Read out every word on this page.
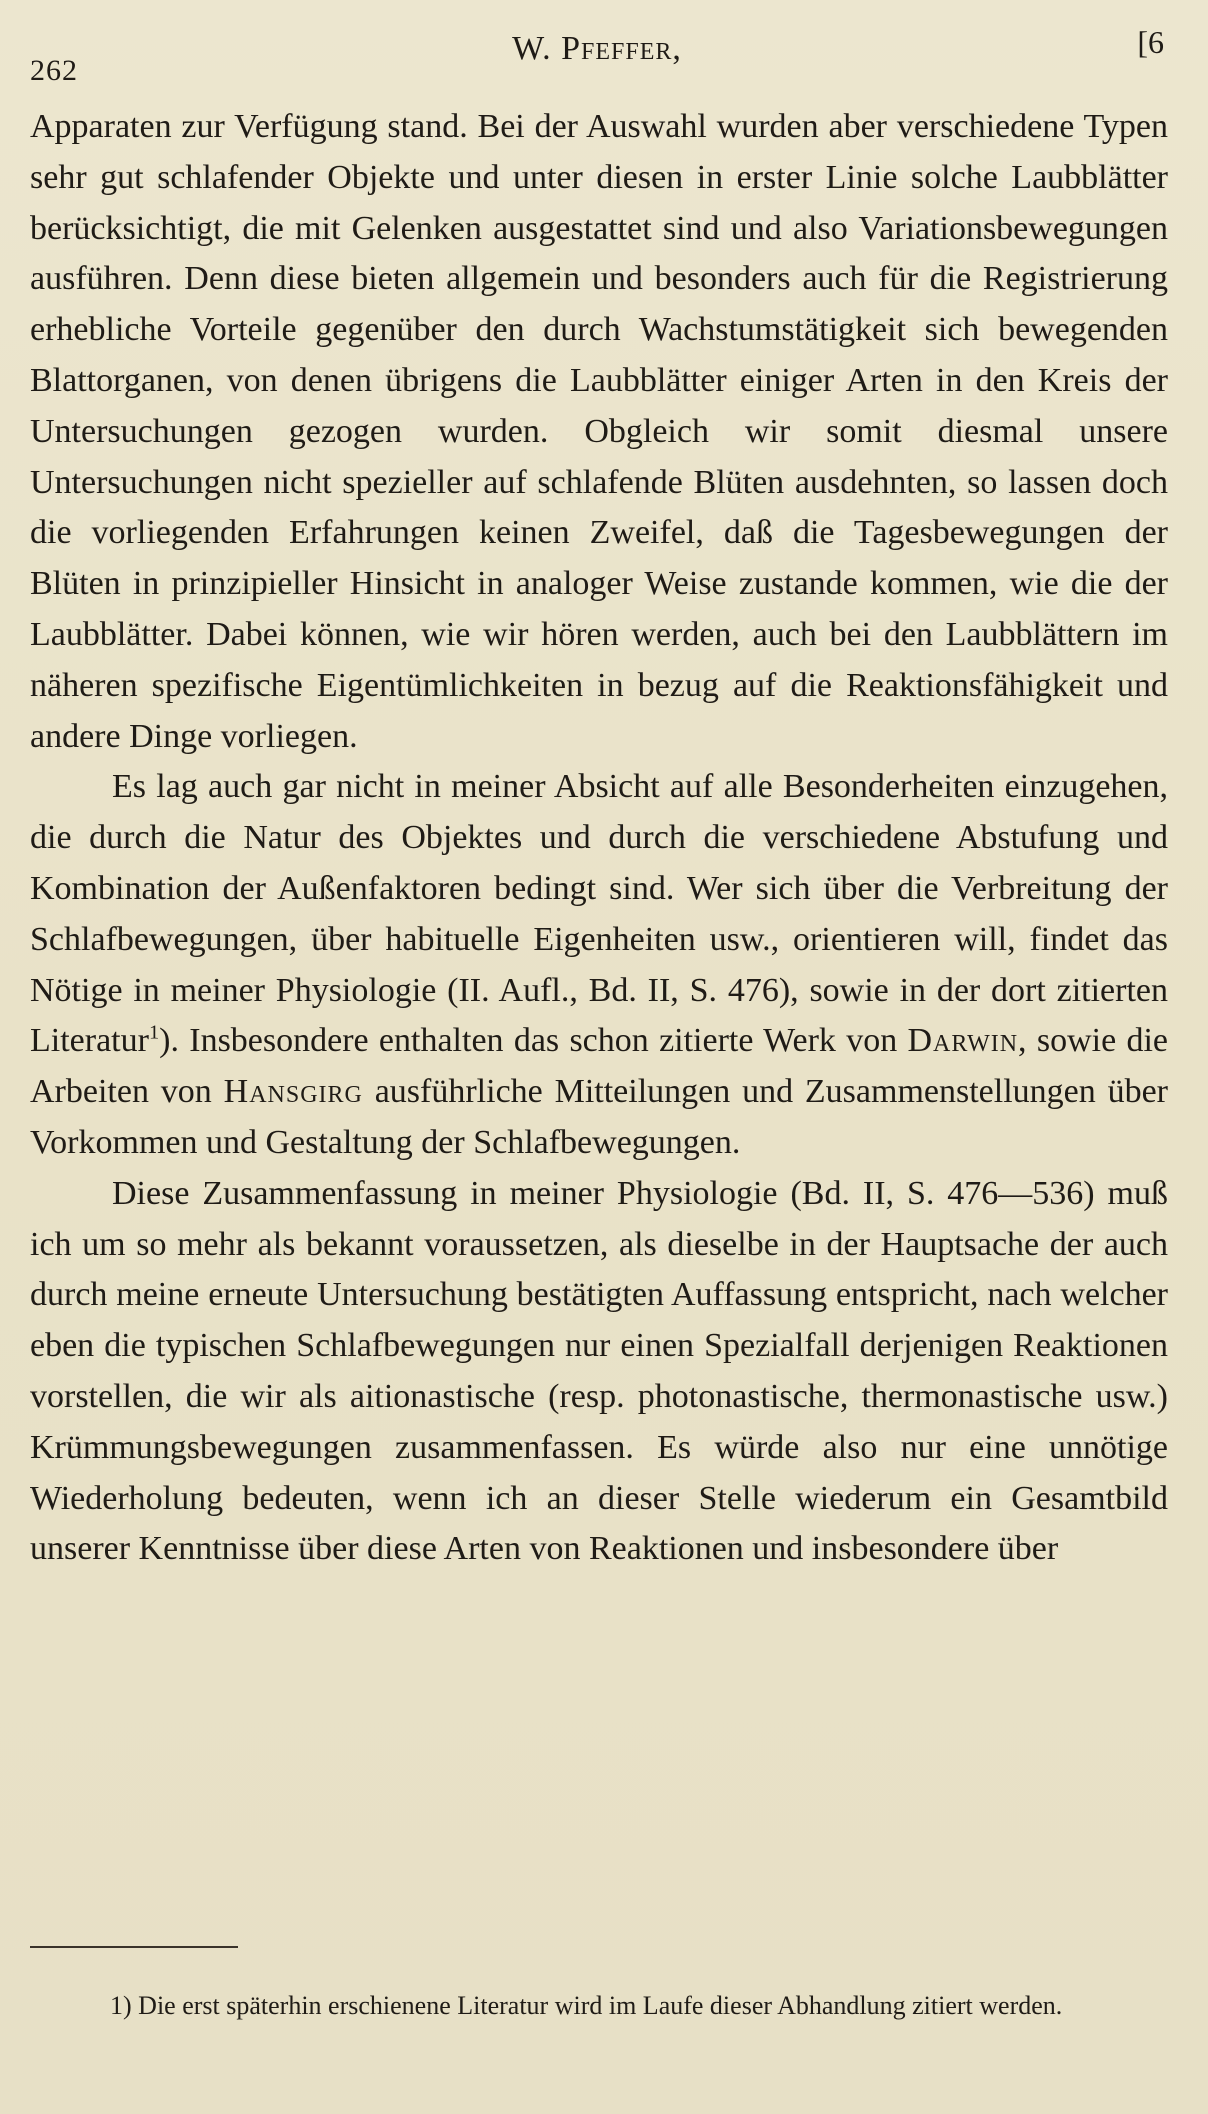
262
W. Pfeffer,	[6

Apparaten zur Verfügung stand. Bei der Auswahl wurden aber verschiedene Typen sehr gut schlafender Objekte und unter diesen in erster Linie solche Laubblätter berücksichtigt, die mit Gelenken ausgestattet sind und also Variationsbewegungen ausführen. Denn diese bieten allgemein und besonders auch für die Registrierung erhebliche Vorteile gegenüber den durch Wachstumstätigkeit sich bewegenden Blattorganen, von denen übrigens die Laubblätter einiger Arten in den Kreis der Untersuchungen gezogen wurden. Obgleich wir somit diesmal unsere Untersuchungen nicht spezieller auf schlafende Blüten ausdehnten, so lassen doch die vorliegenden Erfahrungen keinen Zweifel, daß die Tagesbewegungen der Blüten in prinzipieller Hinsicht in analoger Weise zustande kommen, wie die der Laubblätter. Dabei können, wie wir hören werden, auch bei den Laubblättern im näheren spezifische Eigentümlichkeiten in bezug auf die Reaktionsfähigkeit und andere Dinge vorliegen.

Es lag auch gar nicht in meiner Absicht auf alle Besonderheiten einzugehen, die durch die Natur des Objektes und durch die verschiedene Abstufung und Kombination der Außenfaktoren bedingt sind. Wer sich über die Verbreitung der Schlafbewegungen, über habituelle Eigenheiten usw., orientieren will, findet das Nötige in meiner Physiologie (II. Aufl., Bd. II, S. 476), sowie in der dort zitierten Literatur$^1$). Insbesondere enthalten das schon zitierte Werk von Darwin, sowie die Arbeiten von Hansgirg ausführliche Mitteilungen und Zusammenstellungen über Vorkommen und Gestaltung der Schlafbewegungen.

Diese Zusammenfassung in meiner Physiologie (Bd. II, S. 476—536) muß ich um so mehr als bekannt voraussetzen, als dieselbe in der Hauptsache der auch durch meine erneute Untersuchung bestätigten Auffassung entspricht, nach welcher eben die typischen Schlafbewegungen nur einen Spezialfall derjenigen Reaktionen vorstellen, die wir als aitionastische (resp. photonastische, thermonastische usw.) Krümmungsbewegungen zusammenfassen. Es würde also nur eine unnötige Wiederholung bedeuten, wenn ich an dieser Stelle wiederum ein Gesamtbild unserer Kenntnisse über diese Arten von Reaktionen und insbesondere über

1) Die erst späterhin erschienene Literatur wird im Laufe dieser Abhandlung zitiert werden.
